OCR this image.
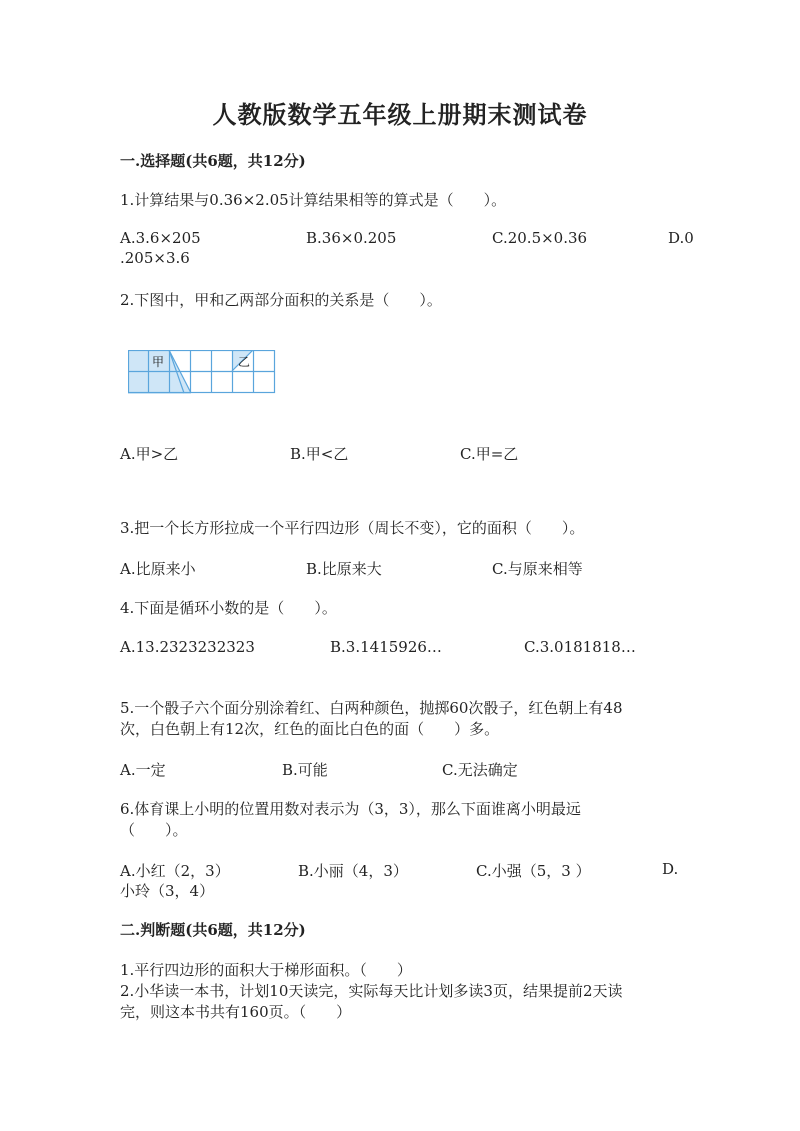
人教版数学五年级上册期末测试卷
一.选择题(共6题，共12分)
1.计算结果与0.36×2.05计算结果相等的算式是（　　）。
A.3.6×205	B.36×0.205	C.20.5×0.36	D.0
.205×3.6
2.下图中，甲和乙两部分面积的关系是（　　）。
甲	乙
A.甲>乙	B.甲<乙	C.甲=乙
3.把一个长方形拉成一个平行四边形（周长不变），它的面积（　　）。
A.比原来小	B.比原来大	C.与原来相等
4.下面是循环小数的是（　　）。
A.13.2323232323	B.3.1415926…	C.3.0181818…
5.一个骰子六个面分别涂着红、白两种颜色，抛掷60次骰子，红色朝上有48
次，白色朝上有12次，红色的面比白色的面（　　）多。
A.一定	B.可能	C.无法确定
6.体育课上小明的位置用数对表示为（3，3），那么下面谁离小明最远
（　　）。
A.小红（2，3）	B.小丽（4，3）	C.小强（5，3 ）	D.
小玲（3，4）
二.判断题(共6题，共12分)
1.平行四边形的面积大于梯形面积。（　　）
2.小华读一本书，计划10天读完，实际每天比计划多读3页，结果提前2天读
完，则这本书共有160页。（　　）
